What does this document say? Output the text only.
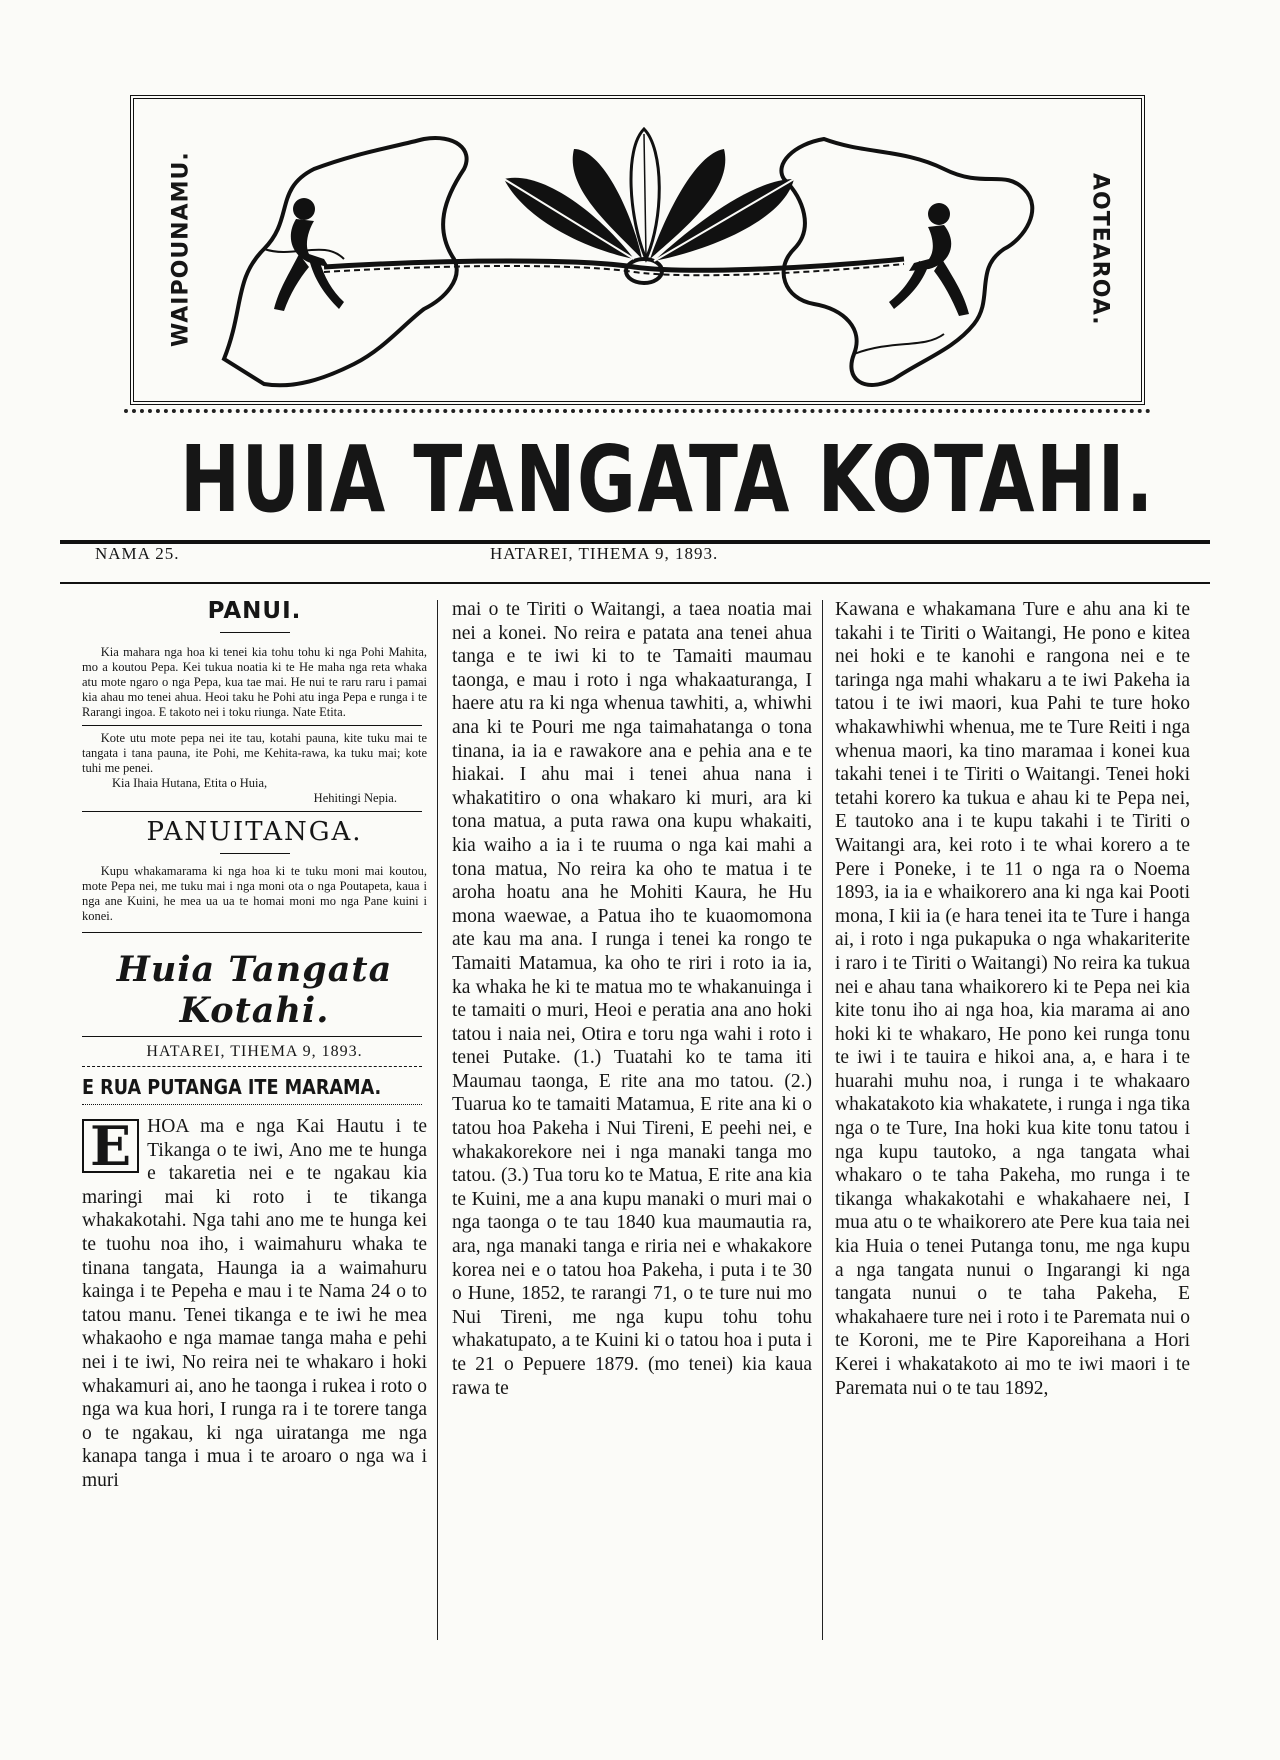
WAIPOUNAMU.	AOTEAROA.
HUIA TANGATA KOTAHI.
NAMA 25.	HATAREI, TIHEMA 9, 1893.
PANUI.

Kia mahara nga hoa ki tenei kia tohu tohu ki nga Pohi Mahita, mo a koutou Pepa. Kei tukua noatia ki te He maha nga reta whaka atu mote ngaro o nga Pepa, kua tae mai. He nui te raru raru i pamai kia ahau mo tenei ahua. Heoi taku he Pohi atu inga Pepa e runga i te Rarangi ingoa. E takoto nei i toku riunga. Nate Etita.

Kote utu mote pepa nei ite tau, kotahi pauna, kite tuku mai te tangata i tana pauna, ite Pohi, me Kehita-rawa, ka tuku mai; kote tuhi me penei.

Kia Ihaia Hutana, Etita o Huia,
Hehitingi Nepia.
PANUITANGA.

Kupu whakamarama ki nga hoa ki te tuku moni mai koutou, mote Pepa nei, me tuku mai i nga moni ota o nga Poutapeta, kaua i nga ane Kuini, he mea ua ua te homai moni mo nga Pane kuini i konei.

Huia Tangata Kotahi.
HATAREI, TIHEMA 9, 1893.
E RUA PUTANGA ITE MARAMA.

E HOA ma e nga Kai Hautu i te Tikanga o te iwi, Ano me te hunga e takaretia nei e te ngakau kia maringi mai ki roto i te tikanga whakakotahi. Nga tahi ano me te hunga kei te tuohu noa iho, i waimahuru whaka te tinana tangata, Haunga ia a waimahuru kainga i te Pepeha e mau i te Nama 24 o to tatou manu. Tenei tikanga e te iwi he mea whakaoho e nga mamae tanga maha e pehi nei i te iwi, No reira nei te whakaro i hoki whakamuri ai, ano he taonga i rukea i roto o nga wa kua hori, I runga ra i te torere tanga o te ngakau, ki nga uiratanga me nga kanapa tanga i mua i te aroaro o nga wa i muri

mai o te Tiriti o Waitangi, a taea noatia mai nei a konei. No reira e patata ana tenei ahua tanga e te iwi ki to te Tamaiti maumau taonga, e mau i roto i nga whakaaturanga, I haere atu ra ki nga whenua tawhiti, a, whiwhi ana ki te Pouri me nga taimahatanga o tona tinana, ia ia e rawakore ana e pehia ana e te hiakai. I ahu mai i tenei ahua nana i whakatitiro o ona whakaro ki muri, ara ki tona matua, a puta rawa ona kupu whakaiti, kia waiho a ia i te ruuma o nga kai mahi a tona matua, No reira ka oho te matua i te aroha hoatu ana he Mohiti Kaura, he Hu mona waewae, a Patua iho te kuaomomona ate kau ma ana. I runga i tenei ka rongo te Tamaiti Matamua, ka oho te riri i roto ia ia, ka whaka he ki te matua mo te whakanuinga i te tamaiti o muri, Heoi e peratia ana ano hoki tatou i naia nei, Otira e toru nga wahi i roto i tenei Putake. (1.) Tuatahi ko te tama iti Maumau taonga, E rite ana mo tatou. (2.) Tuarua ko te tamaiti Matamua, E rite ana ki o tatou hoa Pakeha i Nui Tireni, E peehi nei, e whakakorekore nei i nga manaki tanga mo tatou. (3.) Tua toru ko te Matua, E rite ana kia te Kuini, me a ana kupu manaki o muri mai o nga taonga o te tau 1840 kua maumautia ra, ara, nga manaki tanga e riria nei e whakakore korea nei e o tatou hoa Pakeha, i puta i te 30 o Hune, 1852, te rarangi 71, o te ture nui mo Nui Tireni, me nga kupu tohu tohu whakatupato, a te Kuini ki o tatou hoa i puta i te 21 o Pepuere 1879. (mo tenei) kia kaua rawa te

Kawana e whakamana Ture e ahu ana ki te takahi i te Tiriti o Waitangi, He pono e kitea nei hoki e te kanohi e rangona nei e te taringa nga mahi whakaru a te iwi Pakeha ia tatou i te iwi maori, kua Pahi te ture hoko whakawhiwhi whenua, me te Ture Reiti i nga whenua maori, ka tino maramaa i konei kua takahi tenei i te Tiriti o Waitangi. Tenei hoki tetahi korero ka tukua e ahau ki te Pepa nei, E tautoko ana i te kupu takahi i te Tiriti o Waitangi ara, kei roto i te whai korero a te Pere i Poneke, i te 11 o nga ra o Noema 1893, ia ia e whaikorero ana ki nga kai Pooti mona, I kii ia (e hara tenei ita te Ture i hanga ai, i roto i nga pukapuka o nga whakariterite i raro i te Tiriti o Waitangi) No reira ka tukua nei e ahau tana whaikorero ki te Pepa nei kia kite tonu iho ai nga hoa, kia marama ai ano hoki ki te whakaro, He pono kei runga tonu te iwi i te tauira e hikoi ana, a, e hara i te huarahi muhu noa, i runga i te whakaaro whakatakoto kia whakatete, i runga i nga tika nga o te Ture, Ina hoki kua kite tonu tatou i nga kupu tautoko, a nga tangata whai whakaro o te taha Pakeha, mo runga i te tikanga whakakotahi e whakahaere nei, I mua atu o te whaikorero ate Pere kua taia nei kia Huia o tenei Putanga tonu, me nga kupu a nga tangata nunui o Ingarangi ki nga tangata nunui o te taha Pakeha, E whakahaere ture nei i roto i te Paremata nui o te Koroni, me te Pire Kaporeihana a Hori Kerei i whakatakoto ai mo te iwi maori i te Paremata nui o te tau 1892,
